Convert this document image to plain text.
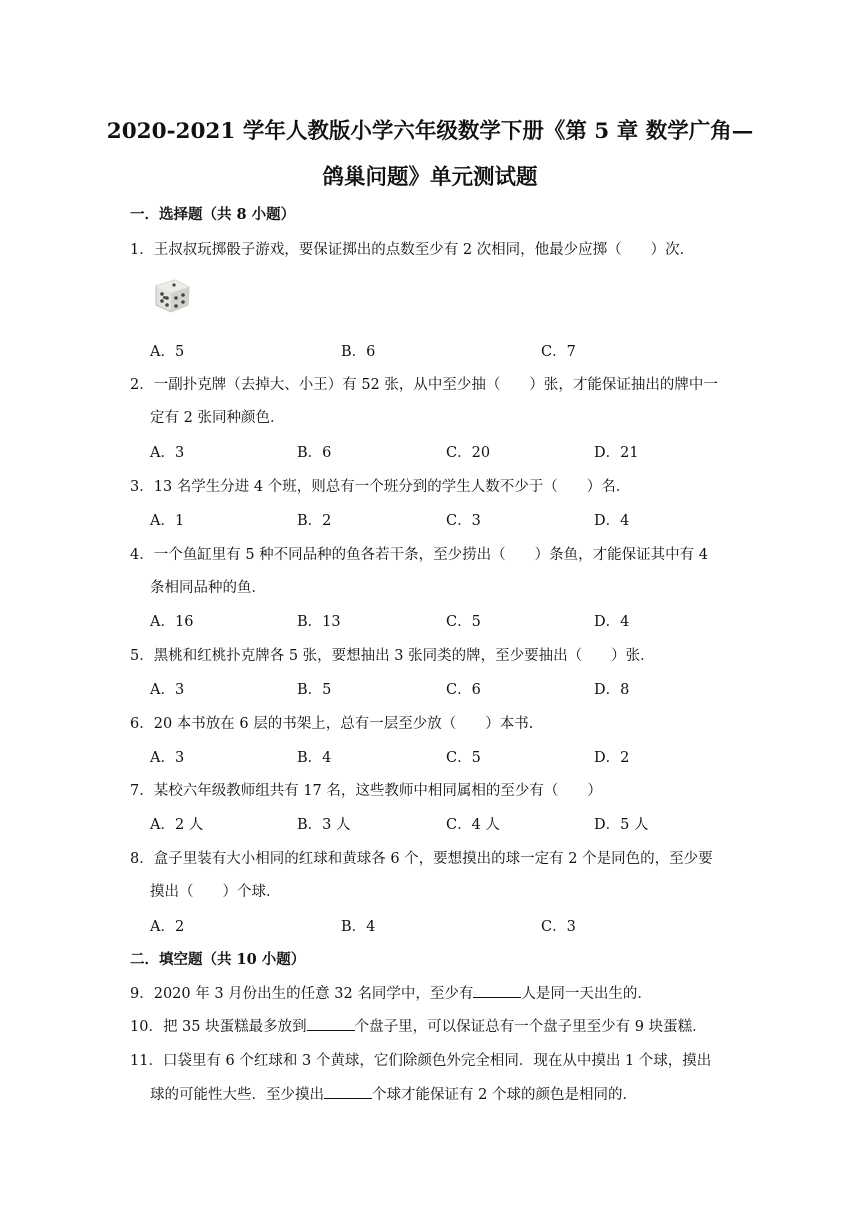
2020-2021 学年人教版小学六年级数学下册《第 5 章 数学广角—
鸽巢问题》单元测试题
一．选择题（共 8 小题）
1．王叔叔玩掷骰子游戏，要保证掷出的点数至少有 2 次相同，他最少应掷（　　）次．
A．5	B．6	C．7
2．一副扑克牌（去掉大、小王）有 52 张，从中至少抽（　　）张，才能保证抽出的牌中一
定有 2 张同种颜色．
A．3	B．6	C．20	D．21
3．13 名学生分进 4 个班，则总有一个班分到的学生人数不少于（　　）名．
A．1	B．2	C．3	D．4
4．一个鱼缸里有 5 种不同品种的鱼各若干条，至少捞出（　　）条鱼，才能保证其中有 4
条相同品种的鱼．
A．16	B．13	C．5	D．4
5．黑桃和红桃扑克牌各 5 张，要想抽出 3 张同类的牌，至少要抽出（　　）张．
A．3	B．5	C．6	D．8
6．20 本书放在 6 层的书架上，总有一层至少放（　　）本书.
A．3	B．4	C．5	D．2
7．某校六年级教师组共有 17 名，这些教师中相同属相的至少有（　　）
A．2 人	B．3 人	C．4 人	D．5 人
8．盒子里装有大小相同的红球和黄球各 6 个，要想摸出的球一定有 2 个是同色的，至少要
摸出（　　）个球．
A．2	B．4	C．3
二．填空题（共 10 小题）
9．2020 年 3 月份出生的任意 32 名同学中，至少有	人是同一天出生的．
10．把 35 块蛋糕最多放到	个盘子里，可以保证总有一个盘子里至少有 9 块蛋糕．
11．口袋里有 6 个红球和 3 个黄球，它们除颜色外完全相同．现在从中摸出 1 个球，摸出
球的可能性大些．至少摸出	个球才能保证有 2 个球的颜色是相同的．
